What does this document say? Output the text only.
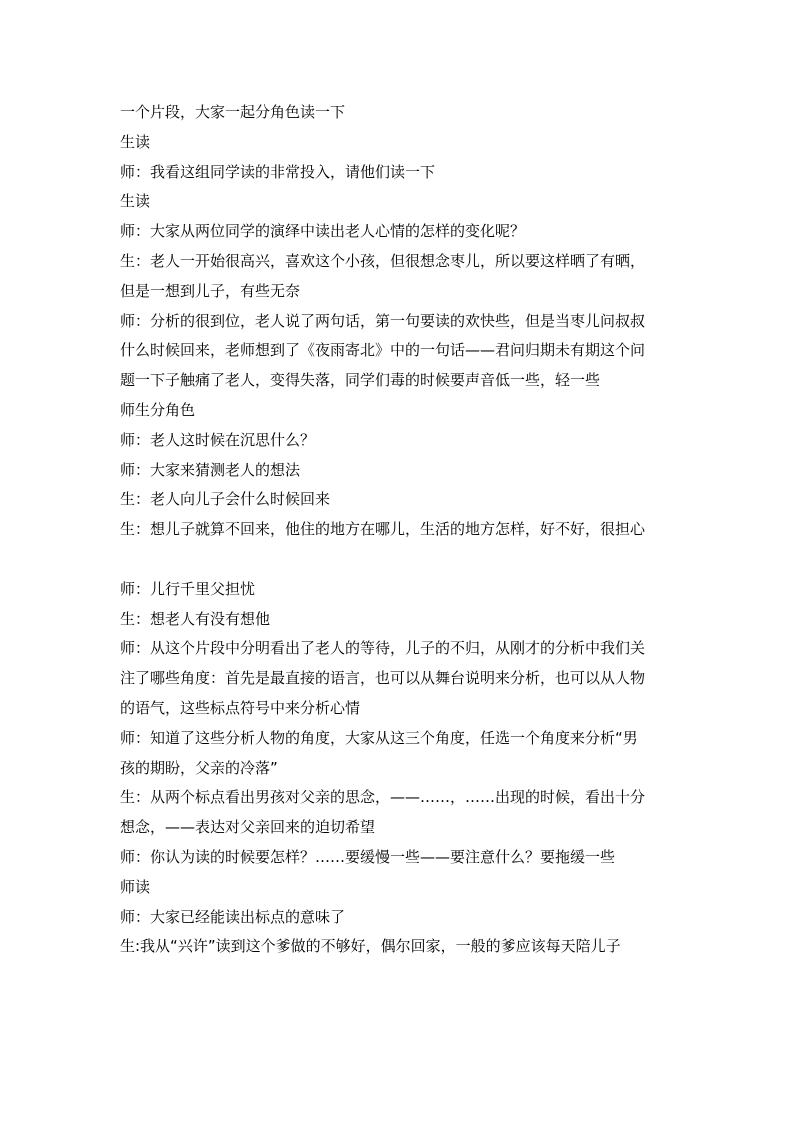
一个片段，大家一起分角色读一下
生读
师：我看这组同学读的非常投入，请他们读一下
生读
师：大家从两位同学的演绎中读出老人心情的怎样的变化呢？
生：老人一开始很高兴，喜欢这个小孩，但很想念枣儿，所以要这样晒了有晒，
但是一想到儿子，有些无奈
师：分析的很到位，老人说了两句话，第一句要读的欢快些，但是当枣儿问叔叔
什么时候回来，老师想到了《夜雨寄北》中的一句话——君问归期未有期这个问
题一下子触痛了老人，变得失落，同学们毒的时候要声音低一些，轻一些
师生分角色
师：老人这时候在沉思什么？
师：大家来猜测老人的想法
生：老人向儿子会什么时候回来
生：想儿子就算不回来，他住的地方在哪儿，生活的地方怎样，好不好，很担心
师：儿行千里父担忧
生：想老人有没有想他
师：从这个片段中分明看出了老人的等待，儿子的不归，从刚才的分析中我们关
注了哪些角度：首先是最直接的语言，也可以从舞台说明来分析，也可以从人物
的语气，这些标点符号中来分析心情
师：知道了这些分析人物的角度，大家从这三个角度，任选一个角度来分析“男
孩的期盼，父亲的冷落”
生：从两个标点看出男孩对父亲的思念，——……，……出现的时候，看出十分
想念，——表达对父亲回来的迫切希望
师：你认为读的时候要怎样？……要缓慢一些——要注意什么？要拖缓一些
师读
师：大家已经能读出标点的意味了
生:我从“兴许”读到这个爹做的不够好，偶尔回家，一般的爹应该每天陪儿子
